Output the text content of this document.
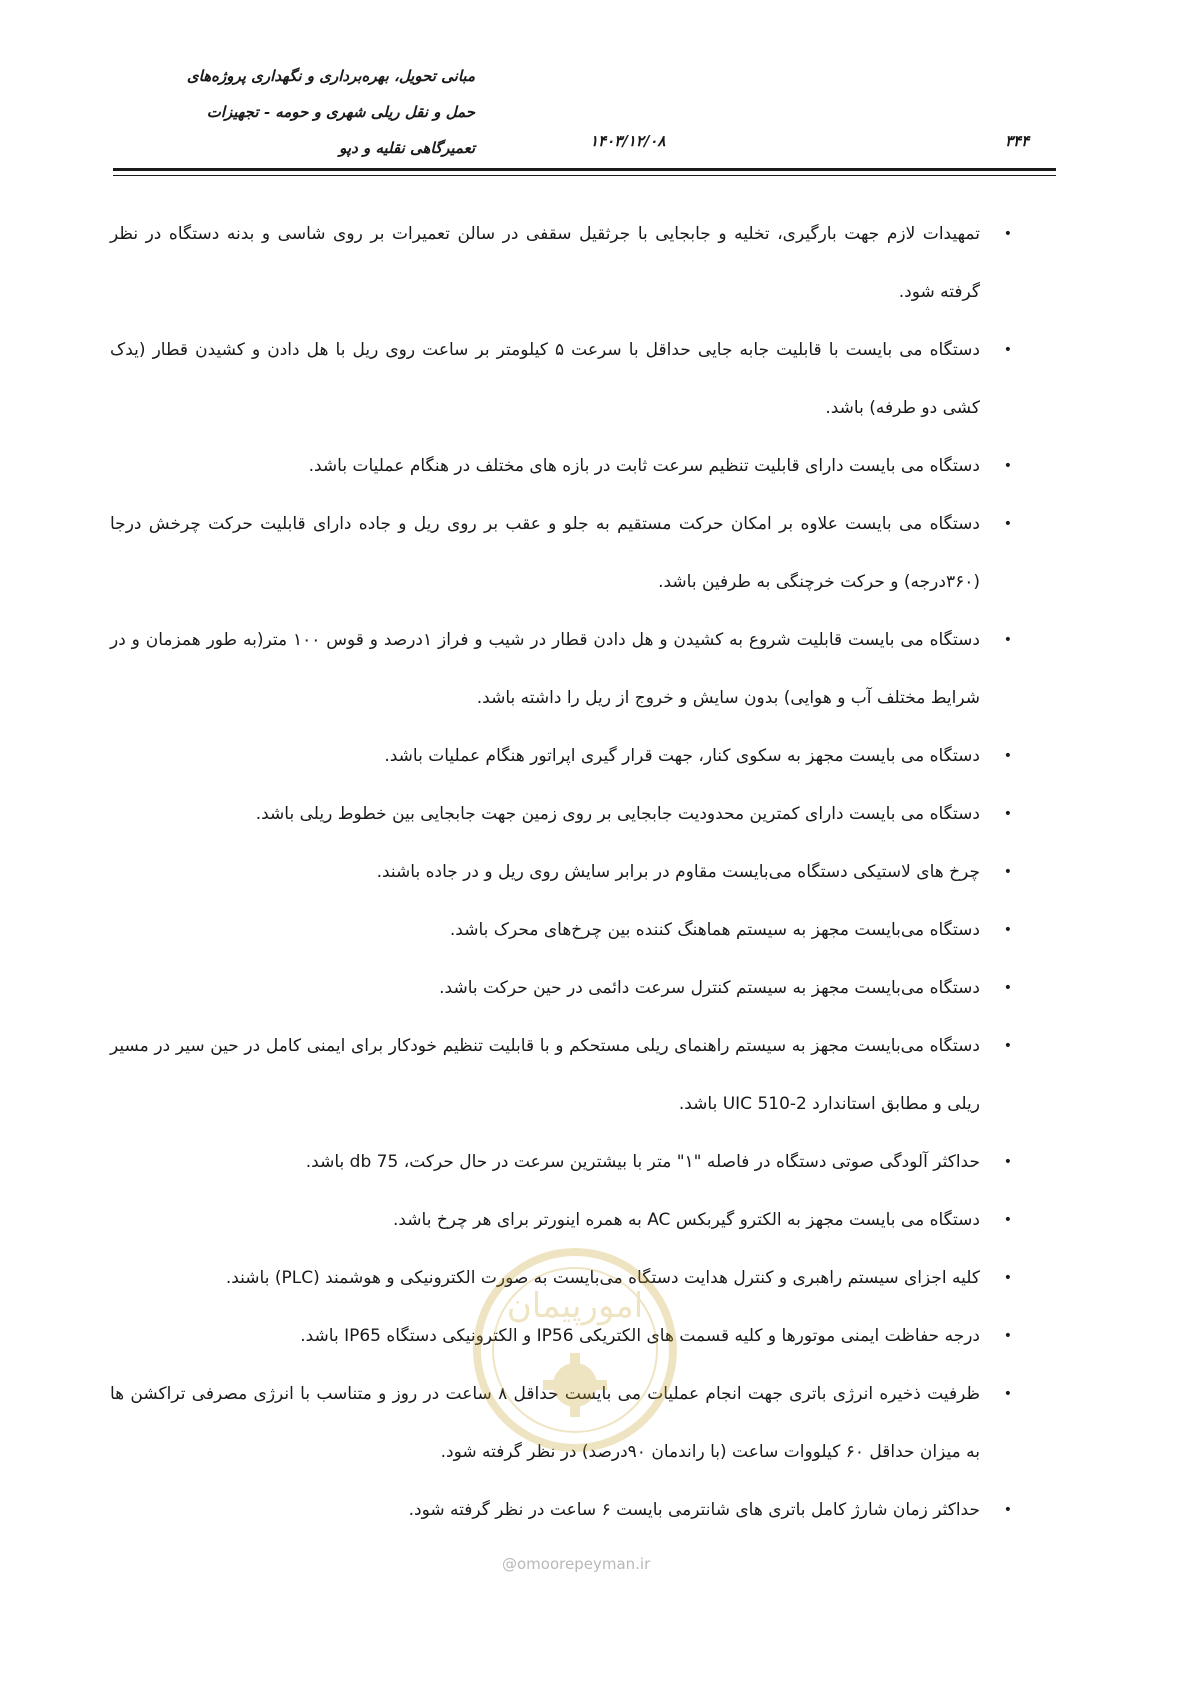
مبانی تحویل، بهره‌برداری و نگهداری پروژه‌های
حمل و نقل ریلی شهری و حومه - تجهیزات
تعمیرگاهی نقلیه و دپو	۱۴۰۳/۱۲/۰۸	۳۴۴

•
تمهیدات لازم جهت بارگیری، تخلیه و جابجایی با جرثقیل سقفی در سالن تعمیرات بر روی شاسی و بدنه دستگاه در نظر گرفته شود.

•
دستگاه می بایست با قابلیت جابه جایی حداقل با سرعت ۵ کیلومتر بر ساعت روی ریل با هل دادن و کشیدن قطار (یدک کشی دو طرفه) باشد.

•
دستگاه می بایست دارای قابلیت تنظیم سرعت ثابت در بازه های مختلف در هنگام عملیات باشد.

•
دستگاه می بایست علاوه بر امکان حرکت مستقیم به جلو و عقب بر روی ریل و جاده دارای قابلیت حرکت چرخش درجا (۳۶۰درجه) و حرکت خرچنگی به طرفین باشد.

•
دستگاه می بایست قابلیت شروع به کشیدن و هل دادن قطار در شیب و فراز ۱درصد و قوس ۱۰۰ متر(به طور همزمان و در شرایط مختلف آب و هوایی) بدون سایش و خروج از ریل را داشته باشد.

•
دستگاه می بایست مجهز به سکوی کنار، جهت قرار گیری اپراتور هنگام عملیات باشد.

•
دستگاه می بایست دارای کمترین محدودیت جابجایی بر روی زمین جهت جابجایی بین خطوط ریلی باشد.

•
چرخ های لاستیکی دستگاه می‌بایست مقاوم در برابر سایش روی ریل و در جاده باشند.

•
دستگاه می‌بایست مجهز به سیستم هماهنگ کننده بین چرخ‌های محرک باشد.

•
دستگاه می‌بایست مجهز به سیستم کنترل سرعت دائمی در حین حرکت باشد.

•
دستگاه می‌بایست مجهز به سیستم راهنمای ریلی مستحکم و با قابلیت تنظیم خودکار برای ایمنی کامل در حین سیر در مسیر ریلی و مطابق استاندارد UIC 510-2 باشد.

•
حداکثر آلودگی صوتی دستگاه در فاصله "۱" متر با بیشترین سرعت در حال حرکت، 75 db باشد.

•
دستگاه می بایست مجهز به الکترو گیربکس AC به همره اینورتر برای هر چرخ باشد.

•
کلیه اجزای سیستم راهبری و کنترل هدایت دستگاه می‌بایست به صورت الکترونیکی و هوشمند (PLC) باشند.

•
درجه حفاظت ایمنی موتورها و کلیه قسمت های الکتریکی IP56 و الکترونیکی دستگاه IP65 باشد.

•
ظرفیت ذخیره انرژی باتری جهت انجام عملیات می بایست حداقل ۸ ساعت در روز و متناسب با انرژی مصرفی تراکشن ها به میزان حداقل ۶۰ کیلووات ساعت (با راندمان ۹۰درصد) در نظر گرفته شود.

•
حداکثر زمان شارژ کامل باتری های شانترمی بایست ۶ ساعت در نظر گرفته شود.

امورپیمان
@omoorepeyman.ir
